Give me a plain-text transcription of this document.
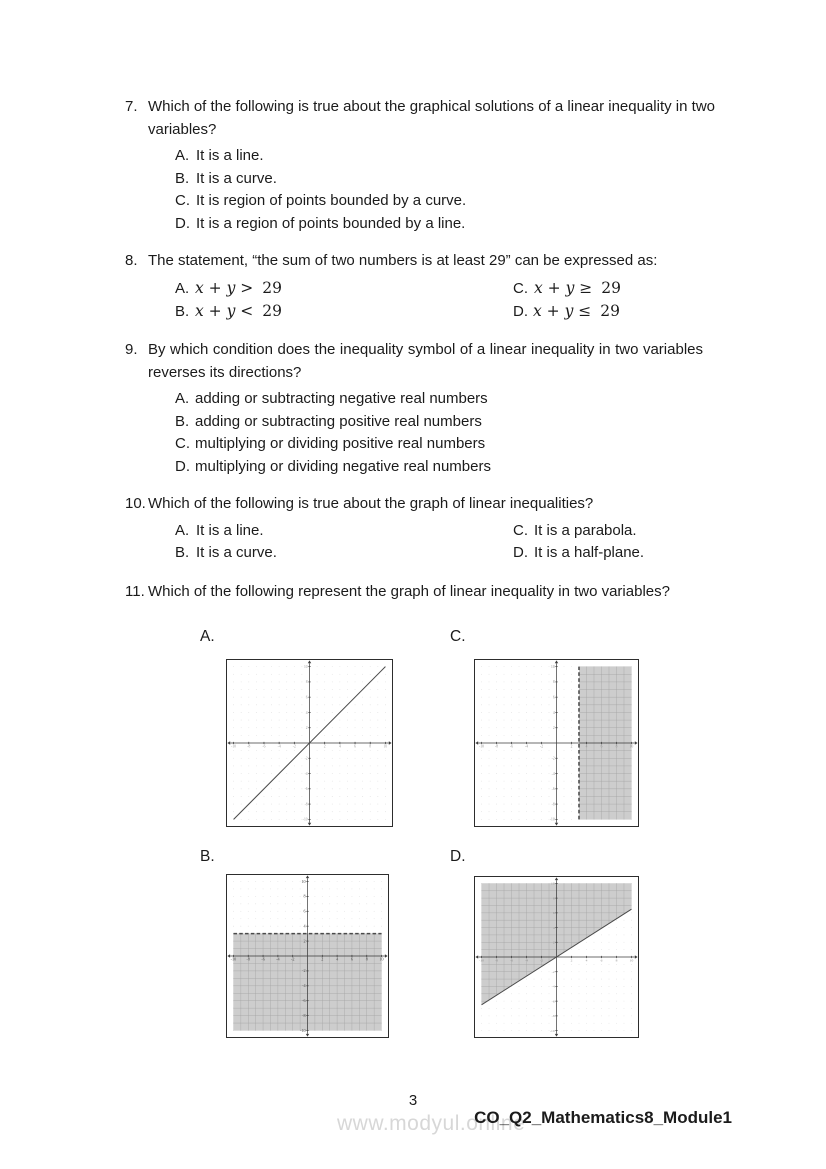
7. Which of the following is true about the graphical solutions of a linear inequality in two variables?
A. It is a line.
B. It is a curve.
C. It is region of points bounded by a curve.
D. It is a region of points bounded by a line.
8. The statement, “the sum of two numbers is at least 29” can be expressed as:
A. x + y > 29	C. x + y ≥ 29
B. x + y < 29	D. x + y ≤ 29
9. By which condition does the inequality symbol of a linear inequality in two variables reverses its directions?
A. adding or subtracting negative real numbers
B. adding or subtracting positive real numbers
C. multiplying or dividing positive real numbers
D. multiplying or dividing negative real numbers
10. Which of the following is true about the graph of linear inequalities?
A. It is a line.	C. It is a parabola.
B. It is a curve.	D. It is a half-plane.
11. Which of the following represent the graph of linear inequality in two variables?
A.	C.
B.	D.
-10
-10
-8
-8
-6
-6
-4
-4
-2
-2
2
2
4
4
6
6
8
8
10
10
-10
-10
-8
-8
-6
-6
-4
-4
-2
-2
2
2
4
4
6
6
8
8
10
10
-10
-10
-8
-8
-6
-6
-4
-4
-2
-2
2
2
4
4
6
6
8
8
10
10
-10
-10
-8
-8
-6
-6
-4
-4
-2
-2
2
2
4
4
6
6
8
8
10
10
3
www.modyul.online
CO_Q2_Mathematics8_Module1
